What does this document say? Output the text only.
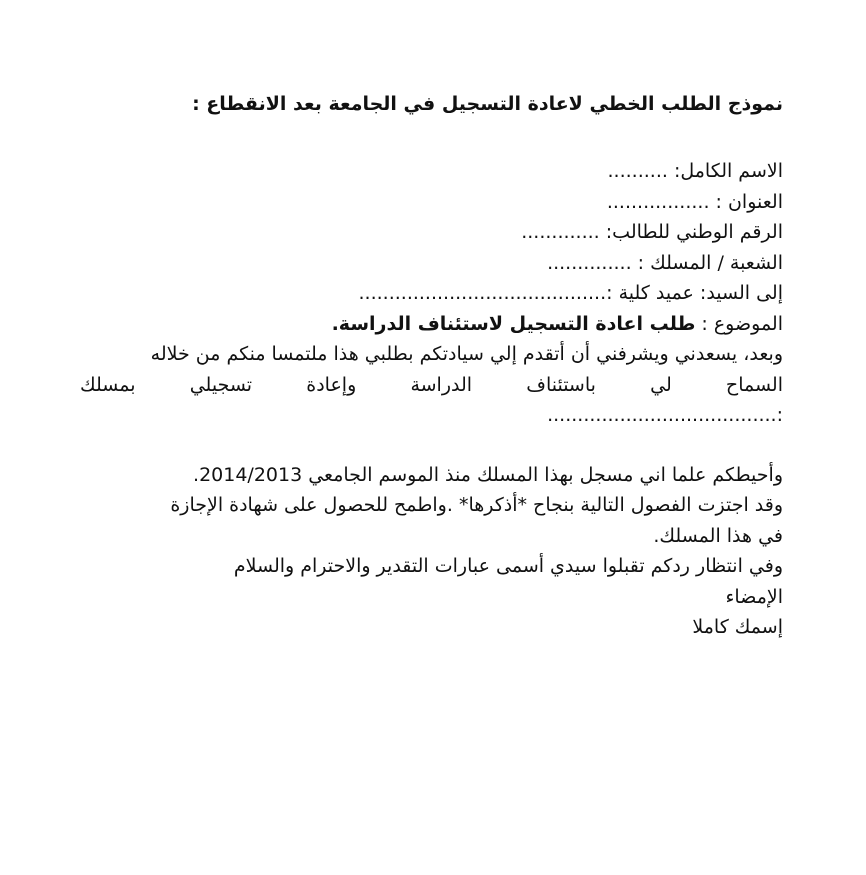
نموذج الطلب الخطي لاعادة التسجيل في الجامعة بعد الانقطاع :

الاسم الكامل: ..........

العنوان : .................

الرقم الوطني للطالب: .............

الشعبة / المسلك : ..............

إلى السيد: عميد كلية :.........................................

الموضوع : طلب اعادة التسجيل لاستئناف الدراسة.

وبعد، يسعدني ويشرفني أن أتقدم إلي سيادتكم بطلبي هذا ملتمسا منكم من خلاله

السماح لي باستئناف الدراسة وإعادة تسجيلي بمسلك

:......................................

وأحيطكم علما اني مسجل بهذا المسلك منذ الموسم الجامعي 2014/2013.

وقد اجتزت الفصول التالية بنجاح *أذكرها* .واطمح للحصول على شهادة الإجازة

في هذا المسلك.

وفي انتظار ردكم تقبلوا سيدي أسمى عبارات التقدير والاحترام والسلام

الإمضاء

إسمك كاملا
